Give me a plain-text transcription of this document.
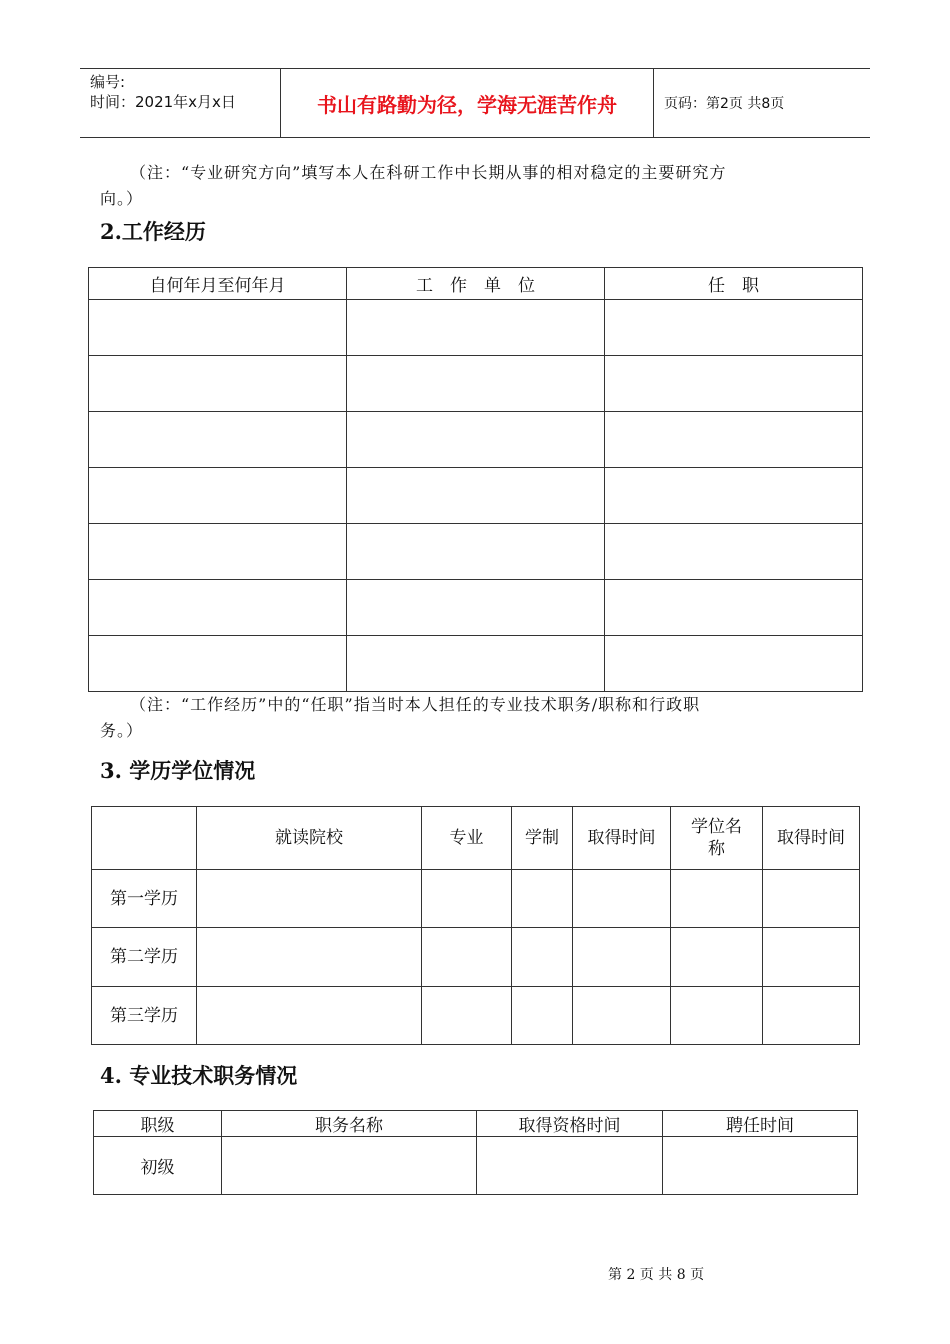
编号:
时间：2021年x月x日	书山有路勤为径，学海无涯苦作舟	页码：第2页 共8页
（注：“专业研究方向”填写本人在科研工作中长期从事的相对稳定的主要研究方
向。）
2.工作经历
自何年月至何年月	工　作　单　位	任　职

（注：“工作经历”中的“任职”指当时本人担任的专业技术职务/职称和行政职
务。）
3. 学历学位情况
	就读院校	专业	学制	取得时间	学位名称	取得时间
第一学历						
第二学历						
第三学历						
4. 专业技术职务情况
职级	职务名称	取得资格时间	聘任时间
初级			
第 2 页 共 8 页
